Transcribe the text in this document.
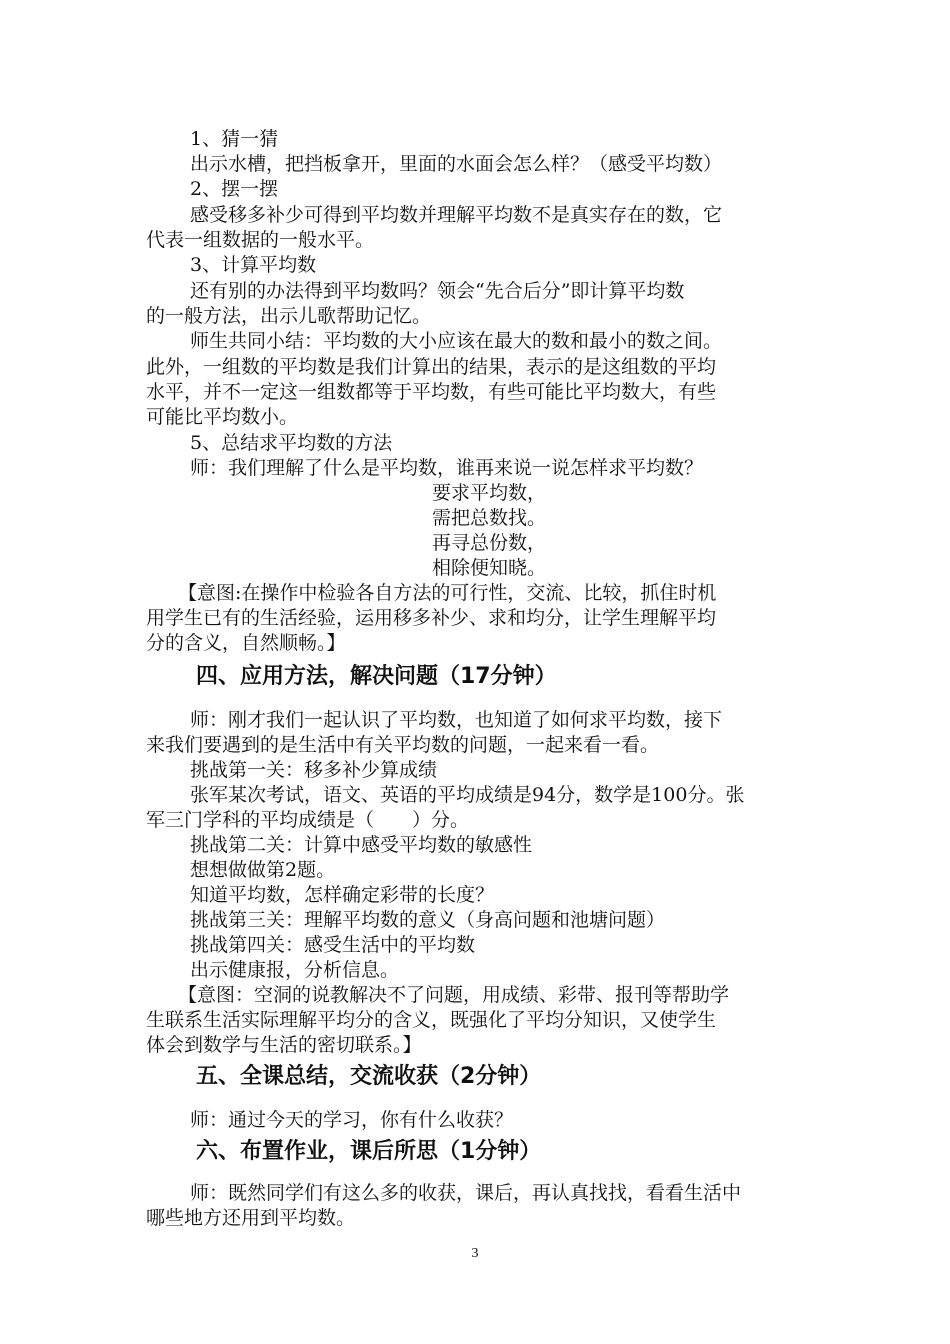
1、猜一猜
出示水槽，把挡板拿开，里面的水面会怎么样？（感受平均数）
2、摆一摆
感受移多补少可得到平均数并理解平均数不是真实存在的数，它
代表一组数据的一般水平。
3、计算平均数
还有别的办法得到平均数吗？领会“先合后分”即计算平均数
的一般方法，出示儿歌帮助记忆。
师生共同小结：平均数的大小应该在最大的数和最小的数之间。
此外，一组数的平均数是我们计算出的结果，表示的是这组数的平均
水平，并不一定这一组数都等于平均数，有些可能比平均数大，有些
可能比平均数小。
5、总结求平均数的方法
师：我们理解了什么是平均数，谁再来说一说怎样求平均数？
要求平均数，
需把总数找。
再寻总份数，
相除便知晓。
【意图:在操作中检验各自方法的可行性，交流、比较，抓住时机
用学生已有的生活经验，运用移多补少、求和均分，让学生理解平均
分的含义，自然顺畅。】
四、应用方法，解决问题（17分钟）
师：刚才我们一起认识了平均数，也知道了如何求平均数，接下
来我们要遇到的是生活中有关平均数的问题，一起来看一看。
挑战第一关：移多补少算成绩
张军某次考试，语文、英语的平均成绩是94分，数学是100分。张
军三门学科的平均成绩是（　　）分。
挑战第二关：计算中感受平均数的敏感性
想想做做第2题。
知道平均数，怎样确定彩带的长度？
挑战第三关：理解平均数的意义（身高问题和池塘问题）
挑战第四关：感受生活中的平均数
出示健康报，分析信息。
【意图：空洞的说教解决不了问题，用成绩、彩带、报刊等帮助学
生联系生活实际理解平均分的含义，既强化了平均分知识，又使学生
体会到数学与生活的密切联系。】
五、全课总结，交流收获（2分钟）
师：通过今天的学习，你有什么收获？
六、布置作业，课后所思（1分钟）
师：既然同学们有这么多的收获，课后，再认真找找，看看生活中
哪些地方还用到平均数。
3
